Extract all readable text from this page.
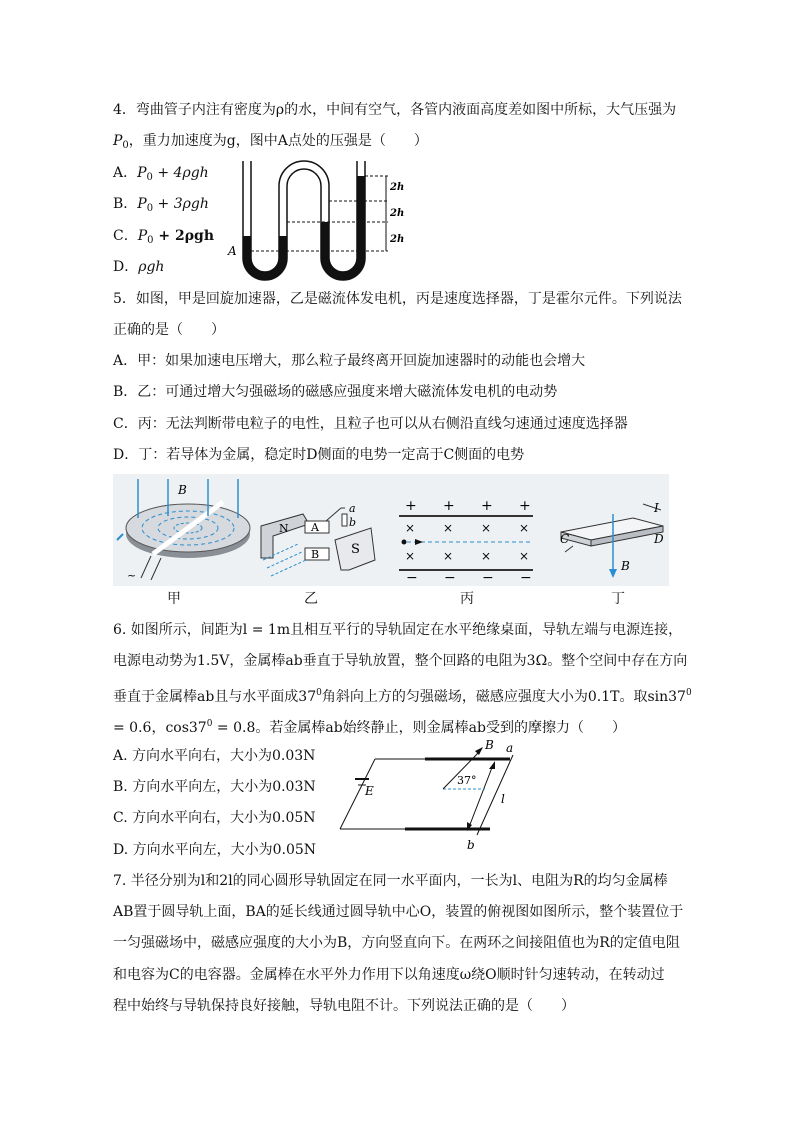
4．弯曲管子内注有密度为ρ的水，中间有空气，各管内液面高度差如图中所标，大气压强为
$P_0$，重力加速度为g，图中A点处的压强是（　　）
A．$P_0 + 4\rho gh$
B．$P_0 + 3\rho gh$
C．$P_0 + 2\rho gh$
D．ρgh
2h
2h
2h
A
5．如图，甲是回旋加速器，乙是磁流体发电机，丙是速度选择器，丁是霍尔元件。下列说法
正确的是（　　）
A．甲：如果加速电压增大，那么粒子最终离开回旋加速器时的动能也会增大
B．乙：可通过增大匀强磁场的磁感应强度来增大磁流体发电机的电动势
C．丙：无法判断带电粒子的电性，且粒子也可以从右侧沿直线匀速通过速度选择器
D．丁：若导体为金属，稳定时D侧面的电势一定高于C侧面的电势
B
~
a
b
N A
B S
+ + + +
− − − −
× × × ×
× × × ×
I
C	D
B
甲	乙	丙	丁
6. 如图所示，间距为l = 1m且相互平行的导轨固定在水平绝缘桌面，导轨左端与电源连接，
电源电动势为1.5V，金属棒ab垂直于导轨放置，整个回路的电阻为3Ω。整个空间中存在方向
垂直于金属棒ab且与水平面成$37^0$角斜向上方的匀强磁场，磁感应强度大小为0.1T。取$\sin 37^0$
= 0.6，$\cos 37^0 = 0.8$。若金属棒ab始终静止，则金属棒ab受到的摩擦力（　　）
A. 方向水平向右，大小为0.03N
B. 方向水平向左，大小为0.03N
C. 方向水平向右，大小为0.05N
D. 方向水平向左，大小为0.05N
B a
37°
l
E
b
7. 半径分别为l和2l的同心圆形导轨固定在同一水平面内，一长为l、电阻为R的均匀金属棒
AB置于圆导轨上面，BA的延长线通过圆导轨中心O，装置的俯视图如图所示，整个装置位于
一匀强磁场中，磁感应强度的大小为B，方向竖直向下。在两环之间接阻值也为R的定值电阻
和电容为C的电容器。金属棒在水平外力作用下以角速度ω绕O顺时针匀速转动，在转动过
程中始终与导轨保持良好接触，导轨电阻不计。下列说法正确的是（　　）
